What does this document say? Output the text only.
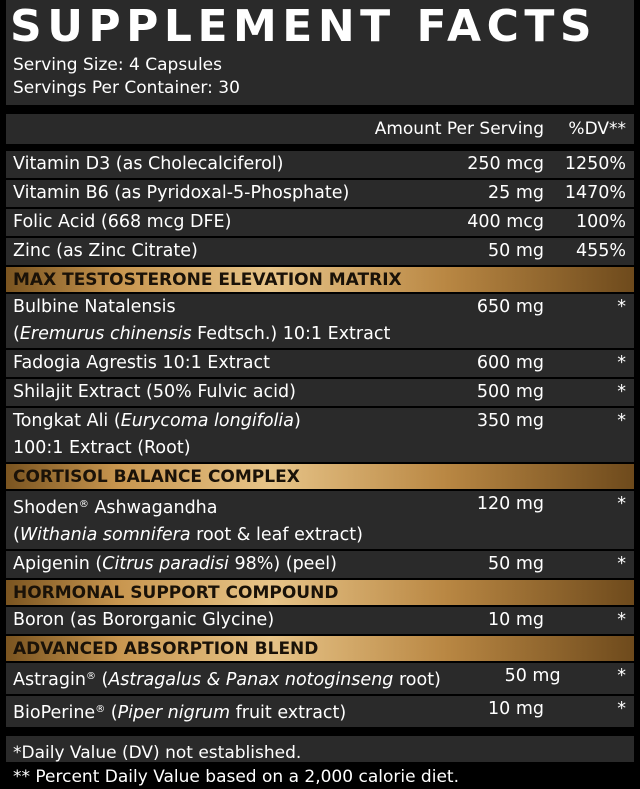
SUPPLEMENT FACTS
Serving Size: 4 Capsules
Servings Per Container: 30
Amount Per Serving	%DV**
Vitamin D3 (as Cholecalciferol)	250 mcg	1250%
Vitamin B6 (as Pyridoxal-5-Phosphate)	25 mg	1470%
Folic Acid (668 mcg DFE)	400 mcg	100%
Zinc (as Zinc Citrate)	50 mg	455%
MAX TESTOSTERONE ELEVATION MATRIX
Bulbine Natalensis
(Eremurus chinensis Fedtsch.) 10:1 Extract
650 mg	*
Fadogia Agrestis 10:1 Extract	600 mg	*
Shilajit Extract (50% Fulvic acid)	500 mg	*
Tongkat Ali (Eurycoma longifolia)
100:1 Extract (Root)
350 mg	*
CORTISOL BALANCE COMPLEX
Shoden® Ashwagandha
(Withania somnifera root & leaf extract)
120 mg	*
Apigenin (Citrus paradisi 98%) (peel)	50 mg	*
HORMONAL SUPPORT COMPOUND
Boron (as Bororganic Glycine)	10 mg	*
ADVANCED ABSORPTION BLEND
Astragin® (Astragalus & Panax notoginseng root)	50 mg	*
BioPerine® (Piper nigrum fruit extract)	10 mg	*
*Daily Value (DV) not established.
** Percent Daily Value based on a 2,000 calorie diet.
